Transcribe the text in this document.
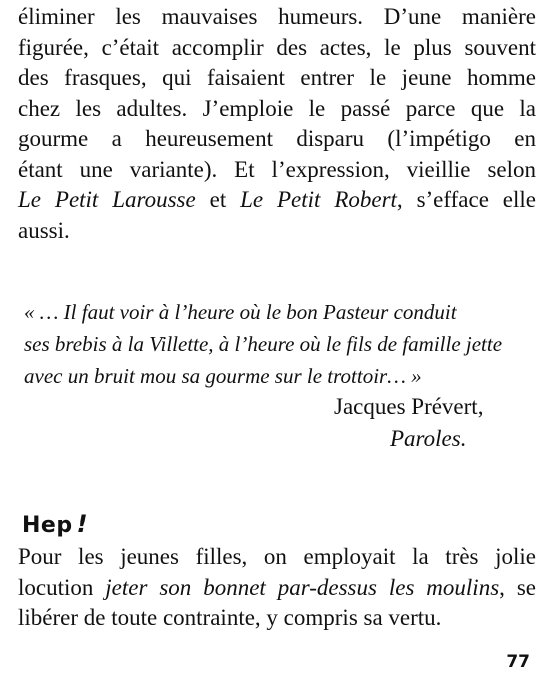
éliminer les mauvaises humeurs. D’une manière
figurée, c’était accomplir des actes, le plus souvent
des frasques, qui faisaient entrer le jeune homme
chez les adultes. J’emploie le passé parce que la
gourme a heureusement disparu (l’impétigo en
étant une variante). Et l’expression, vieillie selon
Le Petit Larousse et Le Petit Robert, s’efface elle
aussi.
« … Il faut voir à l’heure où le bon Pasteur conduit
ses brebis à la Villette, à l’heure où le fils de famille jette
avec un bruit mou sa gourme sur le trottoir… »
Jacques Prévert,
Paroles.
Hep !
Pour les jeunes filles, on employait la très jolie
locution jeter son bonnet par-dessus les moulins, se
libérer de toute contrainte, y compris sa vertu.
77
